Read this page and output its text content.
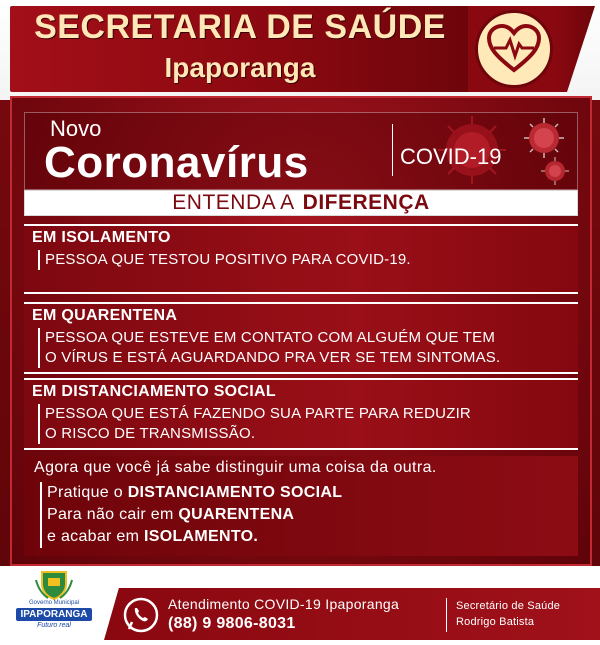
SECRETARIA DE SAÚDE
Ipaporanga
Novo
Coronavírus	COVID-19
ENTENDA A DIFERENÇA
EM ISOLAMENTO
PESSOA QUE TESTOU POSITIVO PARA COVID-19.
EM QUARENTENA
PESSOA QUE ESTEVE EM CONTATO COM ALGUÉM QUE TEM
O VÍRUS E ESTÁ AGUARDANDO PRA VER SE TEM SINTOMAS.
EM DISTANCIAMENTO SOCIAL
PESSOA QUE ESTÁ FAZENDO SUA PARTE PARA REDUZIR
O RISCO DE TRANSMISSÃO.
Agora que você já sabe distinguir uma coisa da outra.
Pratique o DISTANCIAMENTO SOCIAL
Para não cair em QUARENTENA
e acabar em ISOLAMENTO.
Governo Municipal
IPAPORANGA
Futuro real
Atendimento COVID-19 Ipaporanga
(88) 9 9806-8031
Secretário de Saúde
Rodrigo Batista
